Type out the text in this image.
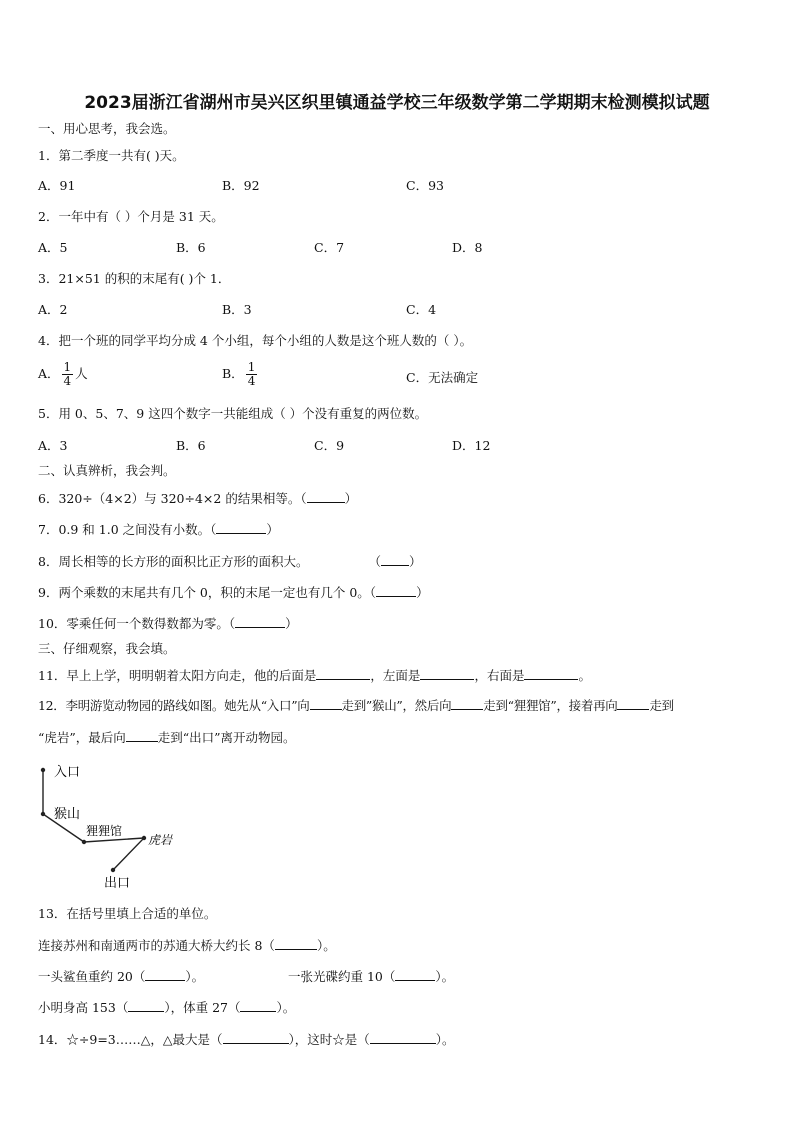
2023届浙江省湖州市吴兴区织里镇通益学校三年级数学第二学期期末检测模拟试题
一、用心思考，我会选。
1．第二季度一共有( )天。
A．91	B．92	C．93
2．一年中有（ ）个月是 31 天。
A．5	B．6	C．7	D．8
3．21×51 的积的末尾有( )个 1．
A．2	B．3	C．4
4．把一个班的同学平均分成 4 个小组，每个小组的人数是这个班人数的（ ）。
A． $\frac{1}{4}$ 人	B． $\frac{1}{4}$	C．无法确定
5．用 0、5、7、9 这四个数字一共能组成（ ）个没有重复的两位数。
A．3	B．6	C．9	D．12
二、认真辨析，我会判。
6．320÷（4×2）与 320÷4×2 的结果相等。（	）
7．0.9 和 1.0 之间没有小数。（	）
8．周长相等的长方形的面积比正方形的面积大。	（ ）
9．两个乘数的末尾共有几个 0，积的末尾一定也有几个 0。（	）
10．零乘任何一个数得数都为零。（	）
三、仔细观察，我会填。
11．早上上学，明明朝着太阳方向走，他的后面是	，左面是	，右面是	。
12．李明游览动物园的路线如图。她先从“入口”向	走到”猴山”，然后向	走到“狸狸馆”，接着再向	走到
“虎岩”，最后向	走到“出口”离开动物园。
入口
猴山
狸狸馆
虎岩
出口
13．在括号里填上合适的单位。
连接苏州和南通两市的苏通大桥大约长 8（	）。
一头鲨鱼重约 20（	）。	一张光碟约重 10（	）。
小明身高 153（	），体重 27（	）。
14．☆÷9=3……△，△最大是（	），这时☆是（	）。
